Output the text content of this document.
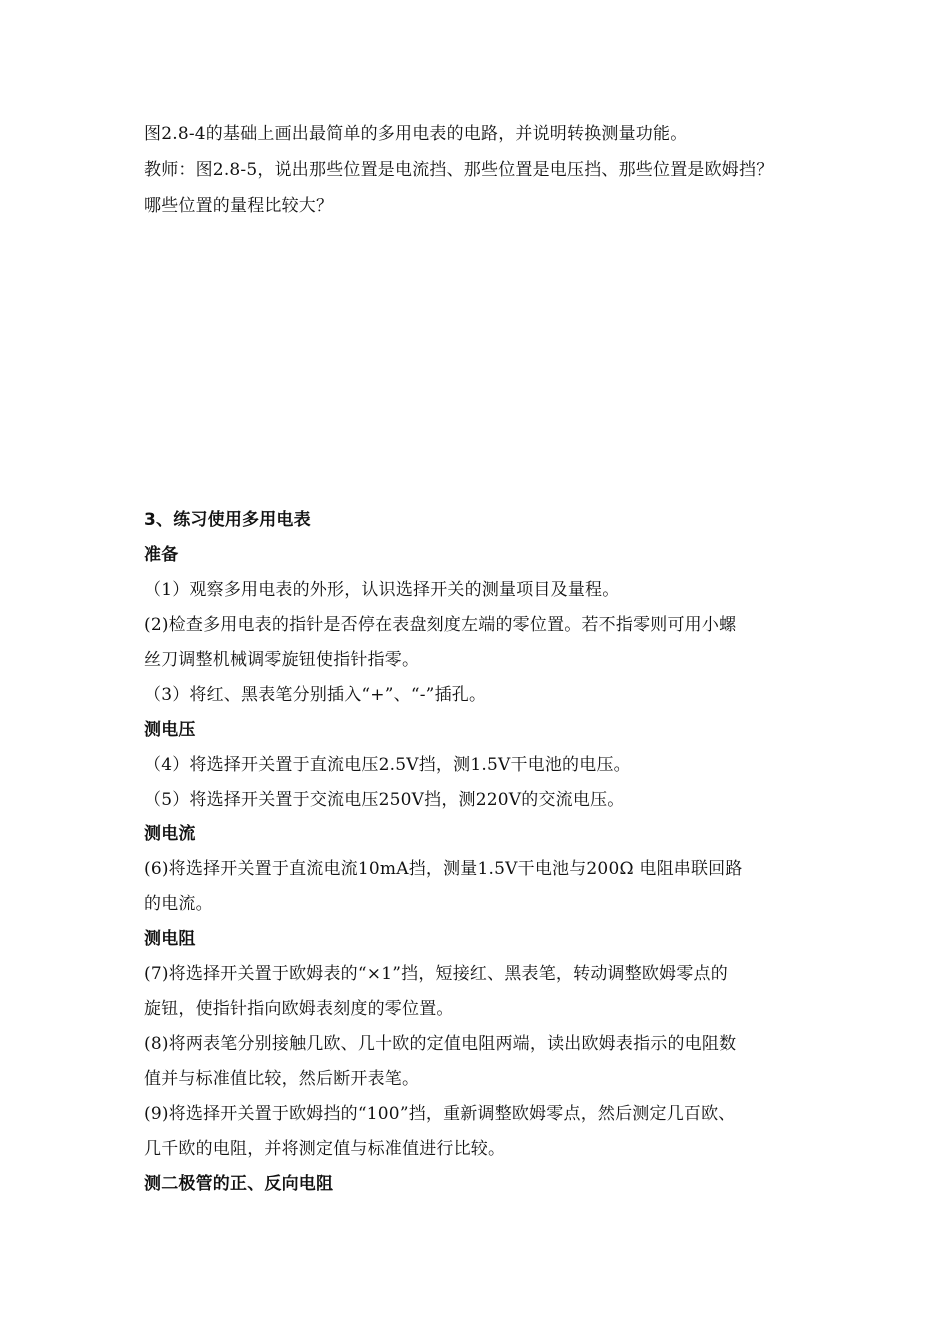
图2.8-4的基础上画出最简单的多用电表的电路，并说明转换测量功能。
教师：图2.8-5，说出那些位置是电流挡、那些位置是电压挡、那些位置是欧姆挡？
哪些位置的量程比较大？
3、练习使用多用电表
准备
（1）观察多用电表的外形，认识选择开关的测量项目及量程。
(2)检查多用电表的指针是否停在表盘刻度左端的零位置。若不指零则可用小螺
丝刀调整机械调零旋钮使指针指零。
（3）将红、黑表笔分别插入“+”、“-”插孔。
测电压
（4）将选择开关置于直流电压2.5V挡，测1.5V干电池的电压。
（5）将选择开关置于交流电压250V挡，测220V的交流电压。
测电流
(6)将选择开关置于直流电流10mA挡，测量1.5V干电池与200Ω 电阻串联回路
的电流。
测电阻
(7)将选择开关置于欧姆表的“×1”挡，短接红、黑表笔，转动调整欧姆零点的
旋钮，使指针指向欧姆表刻度的零位置。
(8)将两表笔分别接触几欧、几十欧的定值电阻两端，读出欧姆表指示的电阻数
值并与标准值比较，然后断开表笔。
(9)将选择开关置于欧姆挡的“100”挡，重新调整欧姆零点，然后测定几百欧、
几千欧的电阻，并将测定值与标准值进行比较。
测二极管的正、反向电阻
